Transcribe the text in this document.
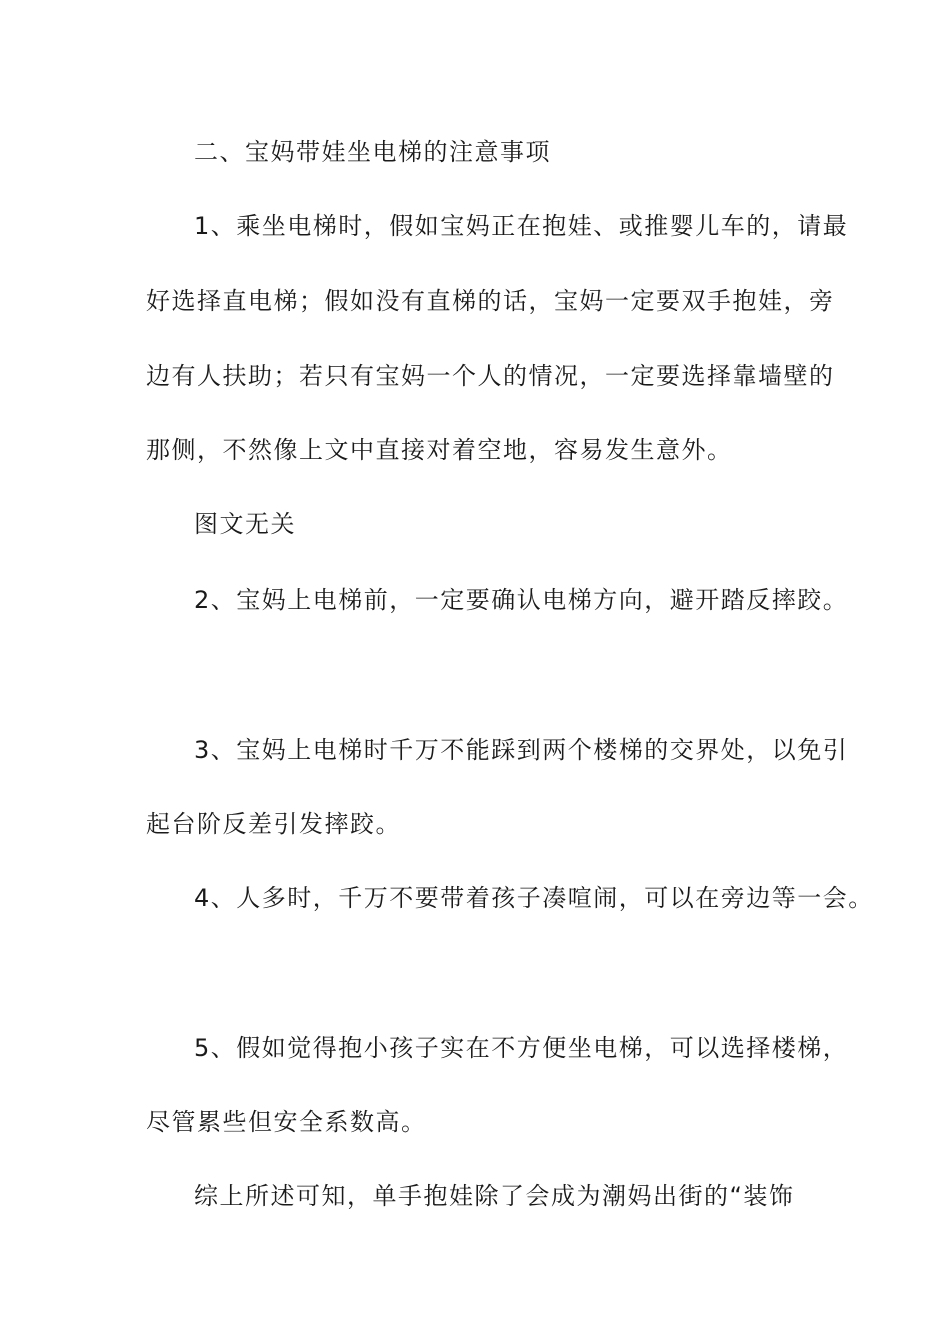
二、宝妈带娃坐电梯的注意事项
1、乘坐电梯时，假如宝妈正在抱娃、或推婴儿车的，请最
好选择直电梯；假如没有直梯的话，宝妈一定要双手抱娃，旁
边有人扶助；若只有宝妈一个人的情况，一定要选择靠墙壁的
那侧，不然像上文中直接对着空地，容易发生意外。
图文无关
2、宝妈上电梯前，一定要确认电梯方向，避开踏反摔跤。
3、宝妈上电梯时千万不能踩到两个楼梯的交界处，以免引
起台阶反差引发摔跤。
4、人多时，千万不要带着孩子凑喧闹，可以在旁边等一会。
5、假如觉得抱小孩子实在不方便坐电梯，可以选择楼梯，
尽管累些但安全系数高。
综上所述可知，单手抱娃除了会成为潮妈出街的“装饰
